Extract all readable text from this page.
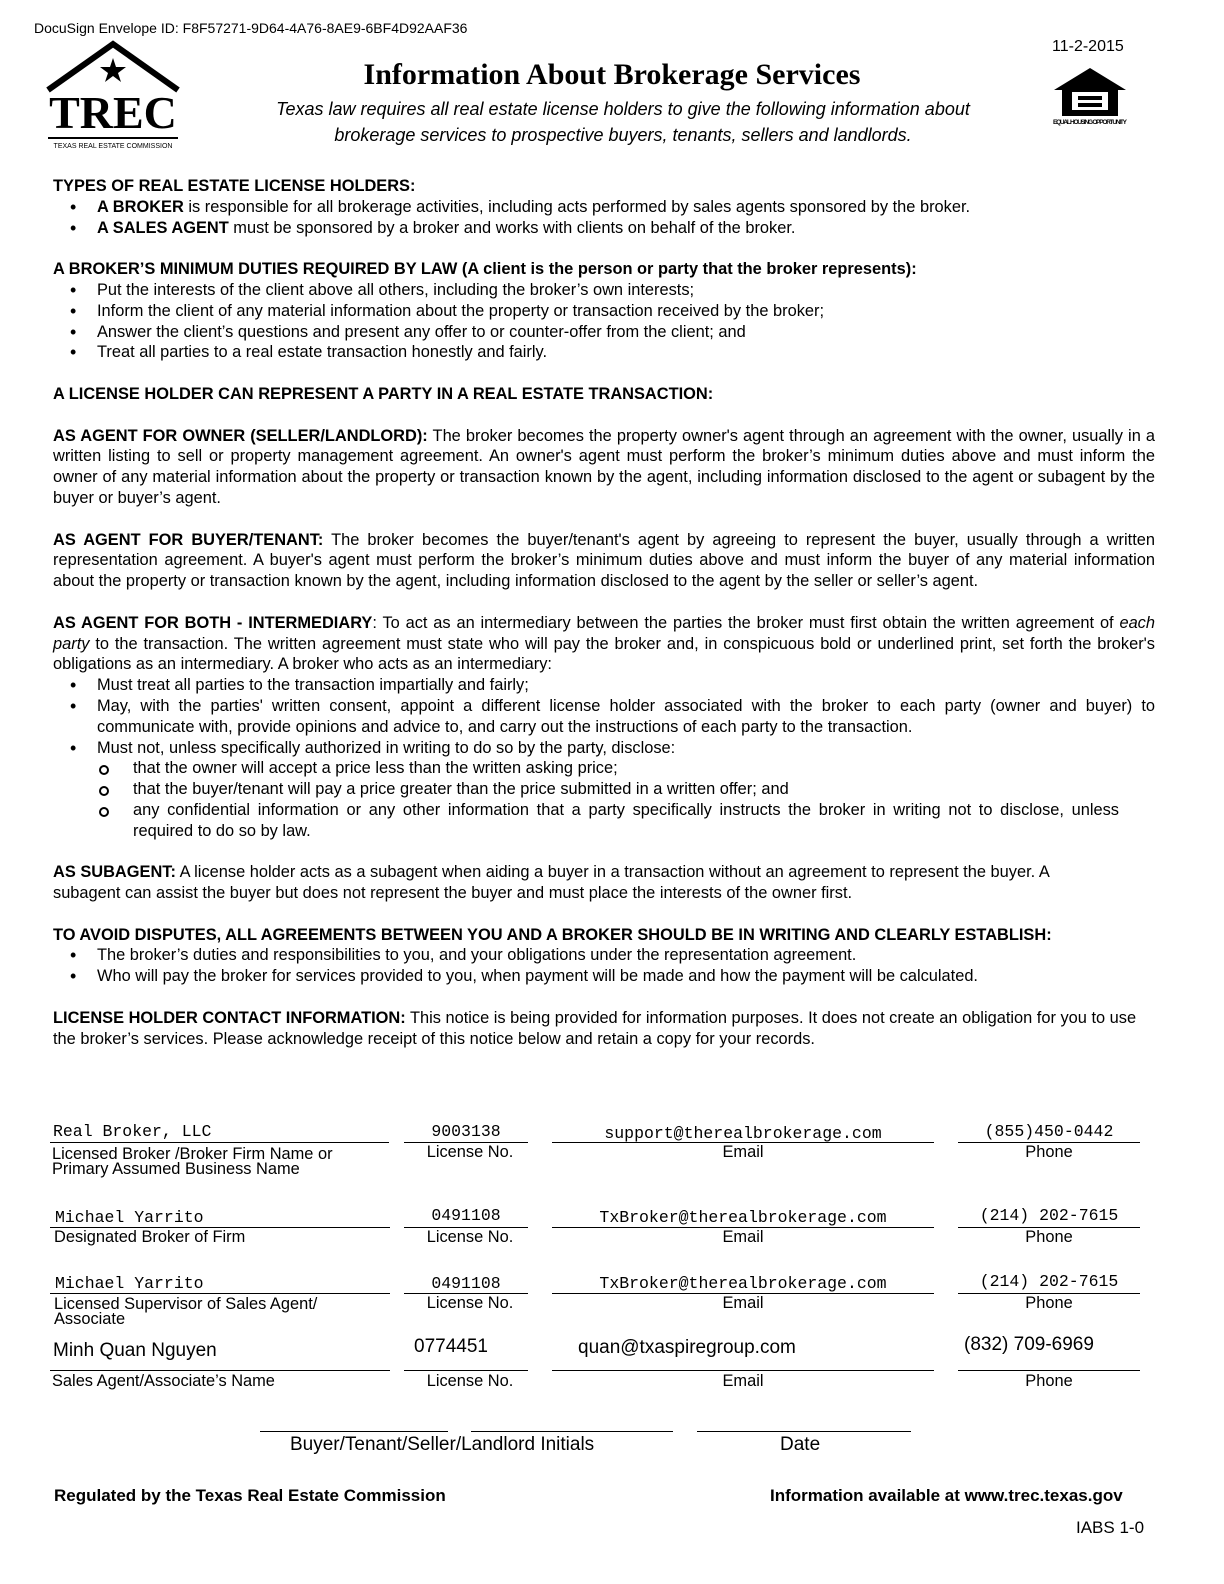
DocuSign Envelope ID: F8F57271-9D64-4A76-8AE9-6BF4D92AAF36
11-2-2015
TREC
TEXAS REAL ESTATE COMMISSION
Information About Brokerage Services
Texas law requires all real estate license holders to give the following information about
brokerage services to prospective buyers, tenants, sellers and landlords.
EQUAL HOUSING OPPORTUNITY

TYPES OF REAL ESTATE LICENSE HOLDERS:

• A BROKER is responsible for all brokerage activities, including acts performed by sales agents sponsored by the broker.
• A SALES AGENT must be sponsored by a broker and works with clients on behalf of the broker.

A BROKER’S MINIMUM DUTIES REQUIRED BY LAW (A client is the person or party that the broker represents):

• Put the interests of the client above all others, including the broker’s own interests;
• Inform the client of any material information about the property or transaction received by the broker;
• Answer the client’s questions and present any offer to or counter-offer from the client; and
• Treat all parties to a real estate transaction honestly and fairly.

A LICENSE HOLDER CAN REPRESENT A PARTY IN A REAL ESTATE TRANSACTION:

AS AGENT FOR OWNER (SELLER/LANDLORD): The broker becomes the property owner's agent through an agreement with the owner, usually in a written listing to sell or property management agreement. An owner's agent must perform the broker’s minimum duties above and must inform the owner of any material information about the property or transaction known by the agent, including information disclosed to the agent or subagent by the buyer or buyer’s agent.

AS AGENT FOR BUYER/TENANT: The broker becomes the buyer/tenant's agent by agreeing to represent the buyer, usually through a written representation agreement. A buyer's agent must perform the broker’s minimum duties above and must inform the buyer of any material information about the property or transaction known by the agent, including information disclosed to the agent by the seller or seller’s agent.

AS AGENT FOR BOTH - INTERMEDIARY: To act as an intermediary between the parties the broker must first obtain the written agreement of each party to the transaction. The written agreement must state who will pay the broker and, in conspicuous bold or underlined print, set forth the broker's obligations as an intermediary. A broker who acts as an intermediary:

• Must treat all parties to the transaction impartially and fairly;
• May, with the parties' written consent, appoint a different license holder associated with the broker to each party (owner and buyer) to communicate with, provide opinions and advice to, and carry out the instructions of each party to the transaction.
• Must not, unless specifically authorized in writing to do so by the party, disclose:
that the owner will accept a price less than the written asking price;
that the buyer/tenant will pay a price greater than the price submitted in a written offer; and
any confidential information or any other information that a party specifically instructs the broker in writing not to disclose, unless required to do so by law.

AS SUBAGENT: A license holder acts as a subagent when aiding a buyer in a transaction without an agreement to represent the buyer. A subagent can assist the buyer but does not represent the buyer and must place the interests of the owner first.

TO AVOID DISPUTES, ALL AGREEMENTS BETWEEN YOU AND A BROKER SHOULD BE IN WRITING AND CLEARLY ESTABLISH:

• The broker’s duties and responsibilities to you, and your obligations under the representation agreement.
• Who will pay the broker for services provided to you, when payment will be made and how the payment will be calculated.

LICENSE HOLDER CONTACT INFORMATION: This notice is being provided for information purposes. It does not create an obligation for you to use the broker’s services. Please acknowledge receipt of this notice below and retain a copy for your records.

Real Broker, LLC	9003138	support@therealbrokerage.com	(855)450-0442
Licensed Broker /Broker Firm Name or
Primary Assumed Business Name
License No.	Email	Phone
Michael Yarrito	0491108	TxBroker@therealbrokerage.com	(214) 202-7615
Designated Broker of Firm	License No.	Email	Phone
Michael Yarrito	0491108	TxBroker@therealbrokerage.com	(214) 202-7615
Licensed Supervisor of Sales Agent/
Associate
License No.	Email	Phone
Minh Quan Nguyen	0774451	quan@txaspiregroup.com	(832) 709-6969
Sales Agent/Associate’s Name	License No.	Email	Phone
Buyer/Tenant/Seller/Landlord Initials	Date
Regulated by the Texas Real Estate Commission	Information available at www.trec.texas.gov
IABS 1-0
